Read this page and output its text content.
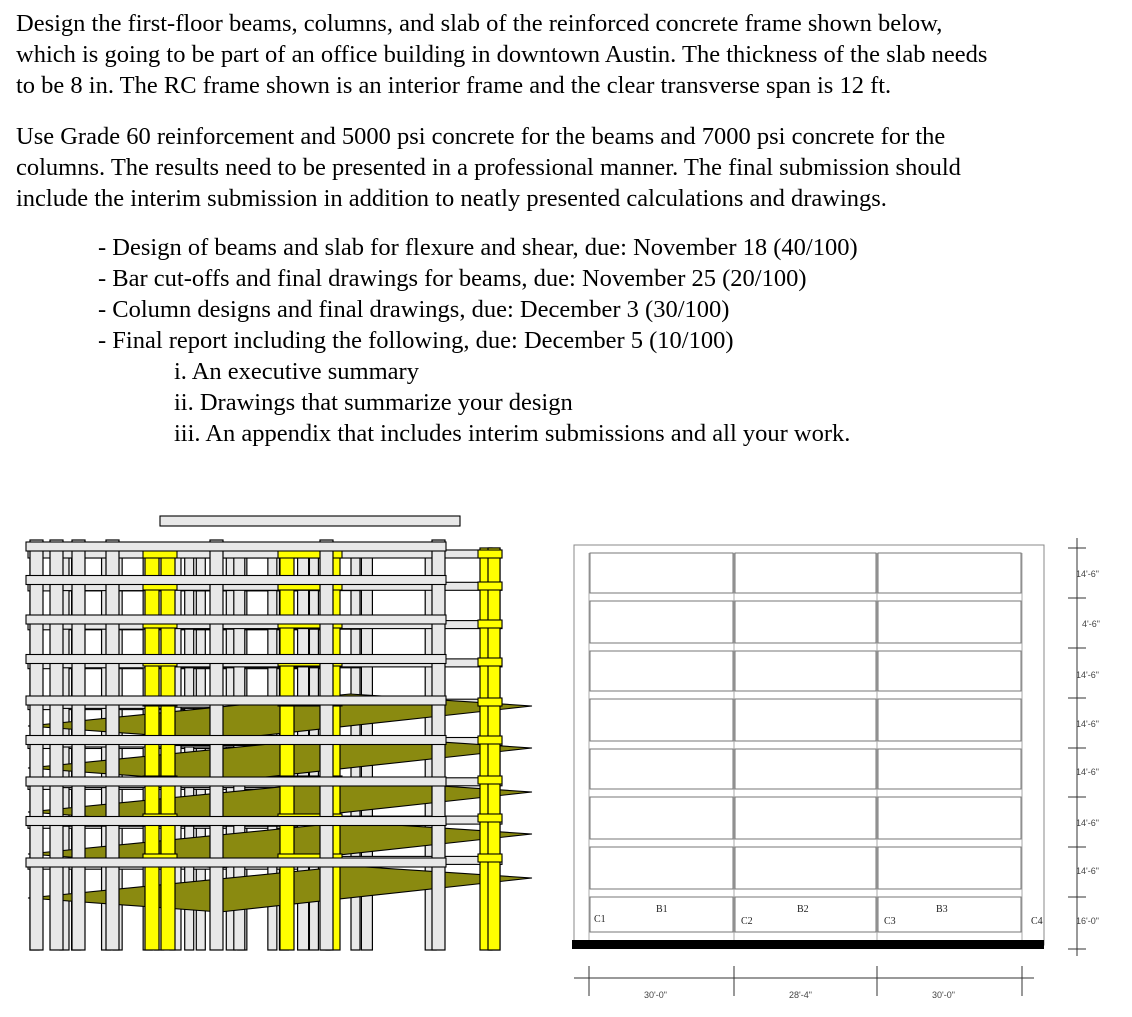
Design the first-floor beams, columns, and slab of the reinforced concrete frame shown below,
which is going to be part of an office building in downtown Austin. The thickness of the slab needs
to be 8 in. The RC frame shown is an interior frame and the clear transverse span is 12 ft.
Use Grade 60 reinforcement and 5000 psi concrete for the beams and 7000 psi concrete for the
columns. The results need to be presented in a professional manner. The final submission should
include the interim submission in addition to neatly presented calculations and drawings.
- Design of beams and slab for flexure and shear, due: November 18 (40/100)
- Bar cut-offs and final drawings for beams, due: November 25 (20/100)
- Column designs and final drawings, due: December 3 (30/100)
- Final report including the following, due: December 5 (10/100)
i. An executive summary
ii. Drawings that summarize your design
iii. An appendix that includes interim submissions and all your work.
C1	C2	C3	C4
B1	B2	B3
30'-0"	28'-4"	30'-0"
14'-6"
4'-6"
14'-6"
14'-6"
14'-6"
14'-6"
14'-6"
16'-0"
